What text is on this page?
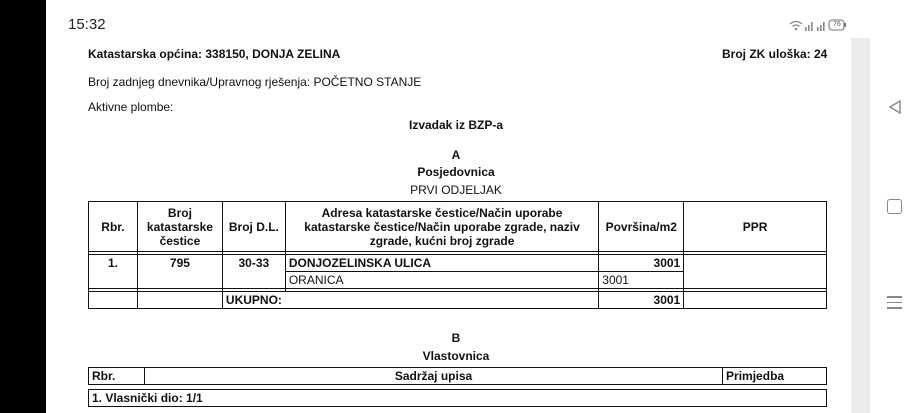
15:32	76
Katastarska općina: 338150, DONJA ZELINA	Broj ZK uloška: 24
Broj zadnjeg dnevnika/Upravnog rješenja: POČETNO STANJE
Aktivne plombe:
Izvadak iz BZP-a
A
Posjedovnica
PRVI ODJELJAK
Rbr.	Broj katastarske čestice	Broj D.L.	Adresa katastarske čestice/Način uporabe katastarske čestice/Način uporabe zgrade, naziv zgrade, kućni broj zgrade	Površina/m2	PPR

1.	795	30-33	DONJOZELINSKA ULICA	3001	
			ORANICA	3001	

		UKUPNO:		3001	
B
Vlastovnica
Rbr.	Sadržaj upisa	Primjedba
1. Vlasnički dio: 1/1
